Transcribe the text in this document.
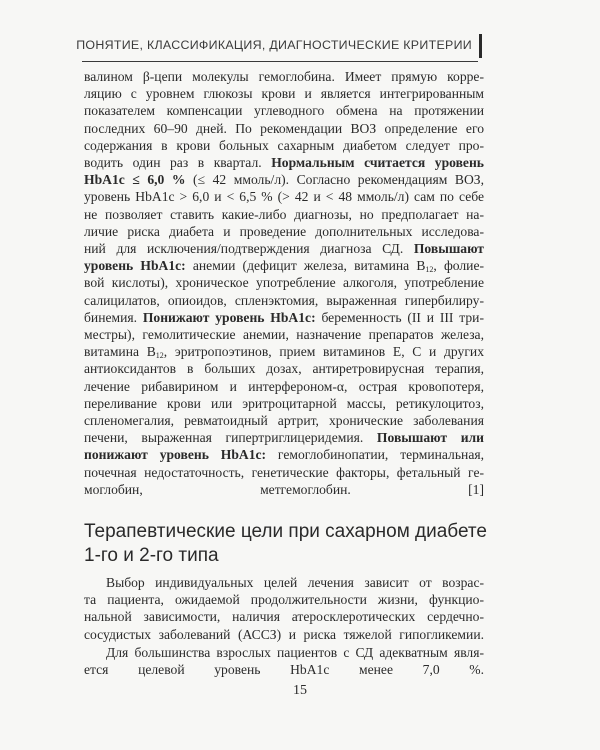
ПОНЯТИЕ, КЛАССИФИКАЦИЯ, ДИАГНОСТИЧЕСКИЕ КРИТЕРИИ

валином β-цепи молекулы гемоглобина. Имеет прямую корре-
ляцию с уровнем глюкозы крови и является интегрированным
показателем компенсации углеводного обмена на протяжении
последних 60–90 дней. По рекомендации ВОЗ определение его
содержания в крови больных сахарным диабетом следует про-
водить один раз в квартал. Нормальным считается уровень
HbA1c ≤ 6,0 % (≤ 42 ммоль/л). Согласно рекомендациям ВОЗ,
уровень HbA1c > 6,0 и < 6,5 % (> 42 и < 48 ммоль/л) сам по себе
не позволяет ставить какие-либо диагнозы, но предполагает на-
личие риска диабета и проведение дополнительных исследова-
ний для исключения/подтверждения диагноза СД. Повышают
уровень HbA1c: анемии (дефицит железа, витамина $B_{12}$, фолие-
вой кислоты), хроническое употребление алкоголя, употребление
салицилатов, опиоидов, спленэктомия, выраженная гипербилиру-
бинемия. Понижают уровень HbA1c: беременность (II и III три-
местры), гемолитические анемии, назначение препаратов железа,
витамина $B_{12}$, эритропоэтинов, прием витаминов E, C и других
антиоксидантов в больших дозах, антиретровирусная терапия,
лечение рибавирином и интерфероном-α, острая кровопотеря,
переливание крови или эритроцитарной массы, ретикулоцитоз,
спленомегалия, ревматоидный артрит, хронические заболевания
печени, выраженная гипертриглицеридемия. Повышают или
понижают уровень HbA1c: гемоглобинопатии, терминальная,
почечная недостаточность, генетические факторы, фетальный ге-
моглобин, метгемоглобин. [1]

Терапевтические цели при сахарном диабете
1-го и 2-го типа

Выбор индивидуальных целей лечения зависит от возрас-
та пациента, ожидаемой продолжительности жизни, функцио-
нальной зависимости, наличия атеросклеротических сердечно-
сосудистых заболеваний (АССЗ) и риска тяжелой гипогликемии.

Для большинства взрослых пациентов с СД адекватным явля-
ется целевой уровень HbA1c менее 7,0 %.

15
